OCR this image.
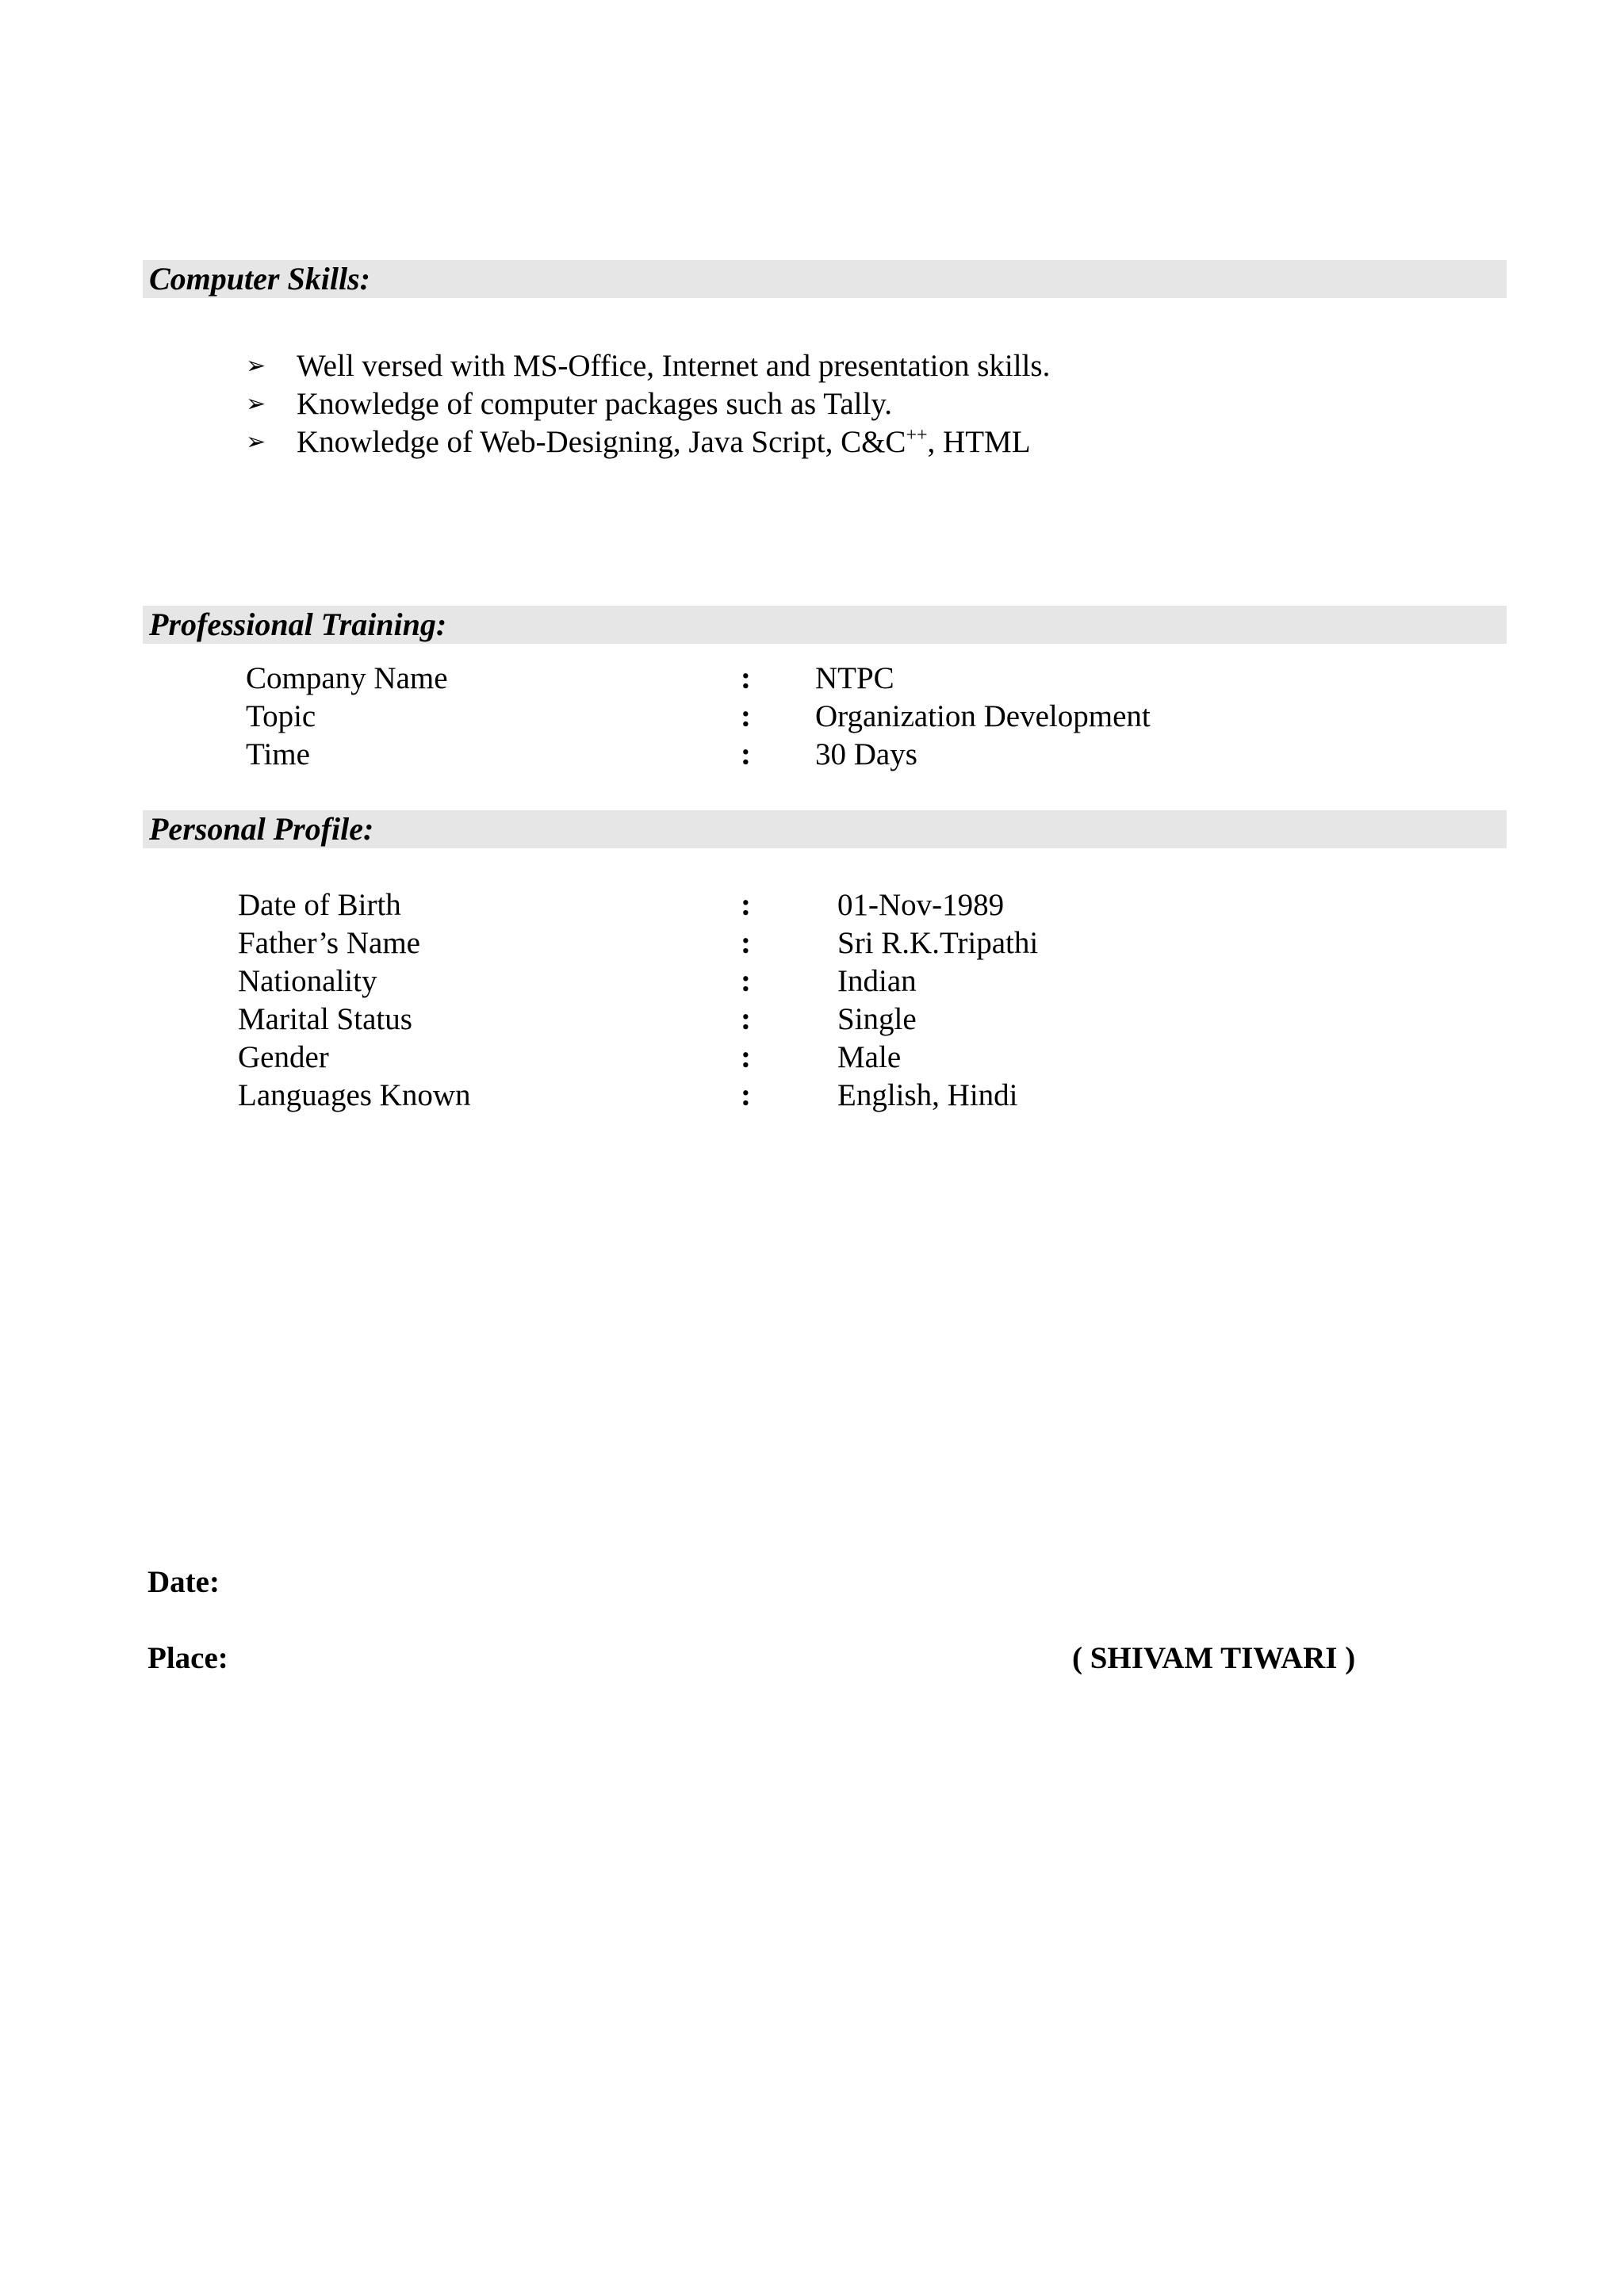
Computer Skills:
➢ Well versed with MS-Office, Internet and presentation skills.
➢ Knowledge of computer packages such as Tally.
➢ Knowledge of Web-Designing, Java Script, C&C++, HTML
Professional Training:
Company Name	: NTPC
Topic	: Organization Development
Time	: 30 Days
Personal Profile:
Date of Birth	:	01-Nov-1989
Father’s Name	:	Sri R.K.Tripathi
Nationality	:	Indian
Marital Status	:	Single
Gender	:	Male
Languages Known	:	English, Hindi
Date:
Place:	( SHIVAM TIWARI )
